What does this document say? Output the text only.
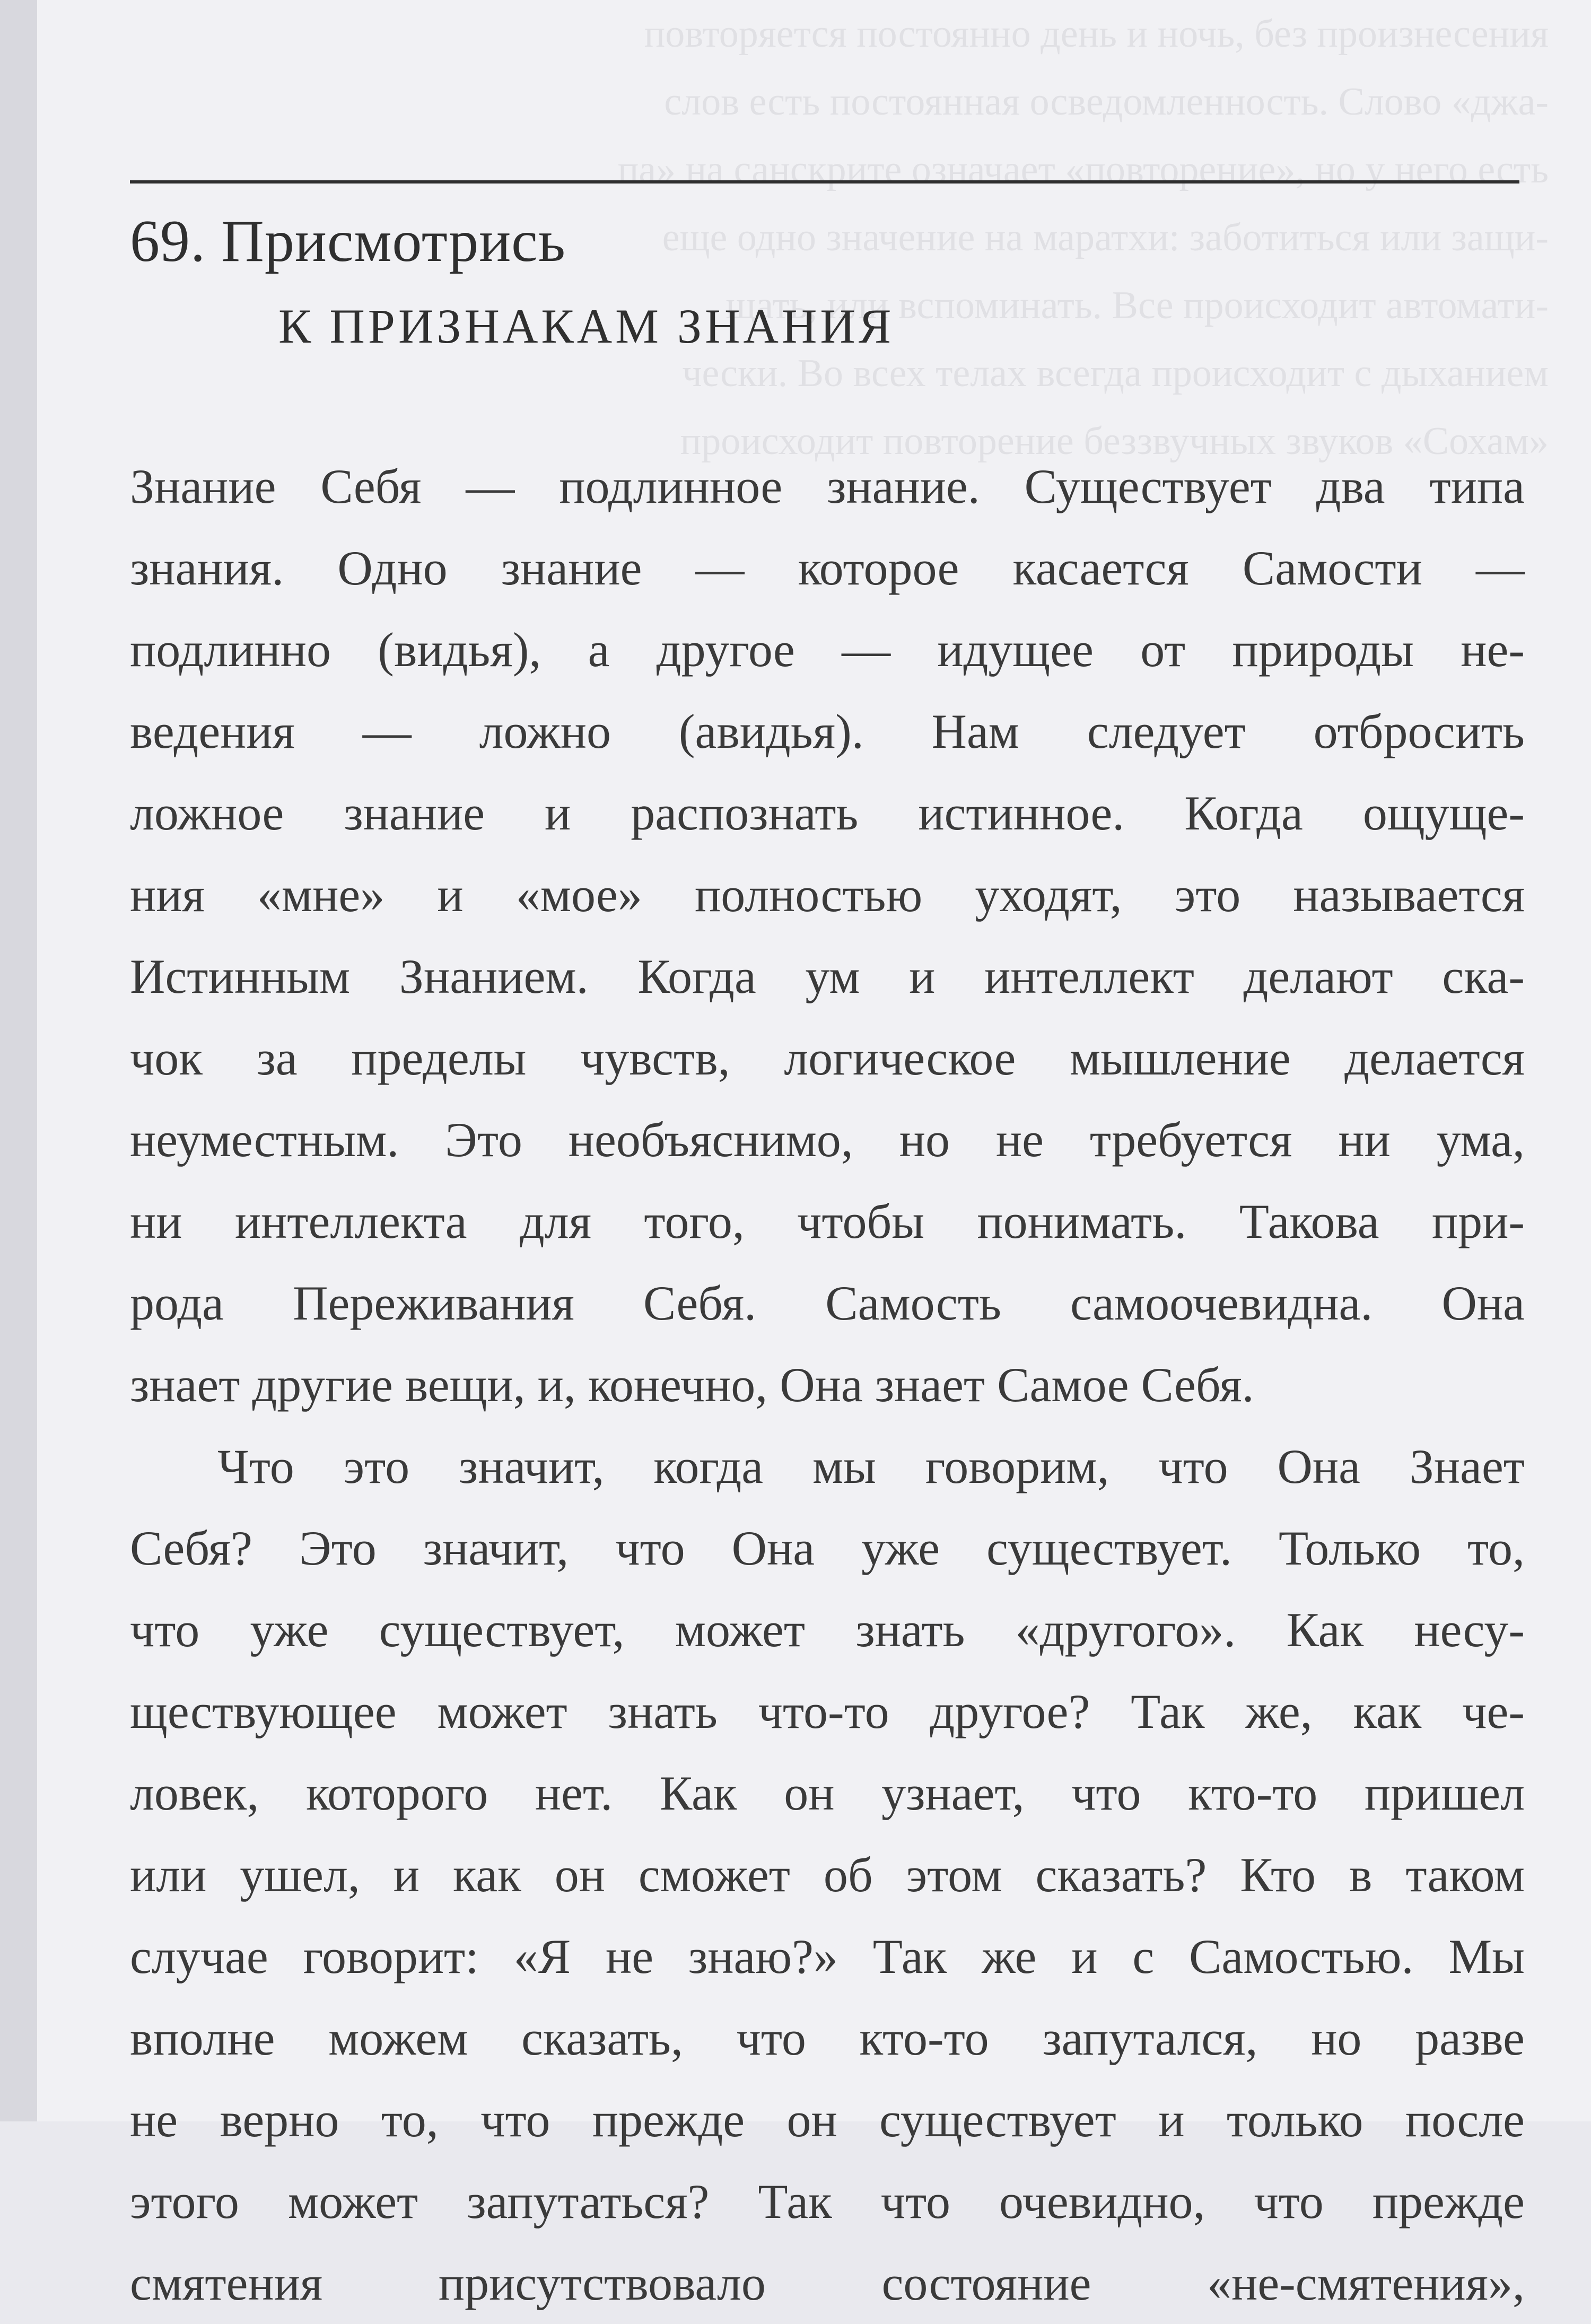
повторяется постоянно день и ночь, без произнесения
слов есть постоянная осведомленность. Слово «джа-
па» на санскрите означает «повторение», но у него есть
еще одно значение на маратхи: заботиться или защи-
щать, или вспоминать. Все происходит автомати-
чески. Во всех телах всегда происходит с дыханием
происходит повторение беззвучных звуков «Сохам»
69. Присмотрись
К ПРИЗНАКАМ ЗНАНИЯ
Знание Себя — подлинное знание. Существует два типа
знания. Одно знание — которое касается Самости —
подлинно (видья), а другое — идущее от природы не-
ведения — ложно (авидья). Нам следует отбросить
ложное знание и распознать истинное. Когда ощуще-
ния «мне» и «мое» полностью уходят, это называется
Истинным Знанием. Когда ум и интеллект делают ска-
чок за пределы чувств, логическое мышление делается
неуместным. Это необъяснимо, но не требуется ни ума,
ни интеллекта для того, чтобы понимать. Такова при-
рода Переживания Себя. Самость самоочевидна. Она
знает другие вещи, и, конечно, Она знает Самое Себя.
Что это значит, когда мы говорим, что Она Знает
Себя? Это значит, что Она уже существует. Только то,
что уже существует, может знать «другого». Как несу-
ществующее может знать что-то другое? Так же, как че-
ловек, которого нет. Как он узнает, что кто-то пришел
или ушел, и как он сможет об этом сказать? Кто в таком
случае говорит: «Я не знаю?» Так же и с Самостью. Мы
вполне можем сказать, что кто-то запутался, но разве
не верно то, что прежде он существует и только после
этого может запутаться? Так что очевидно, что прежде
смятения присутствовало состояние «не-смятения»,
